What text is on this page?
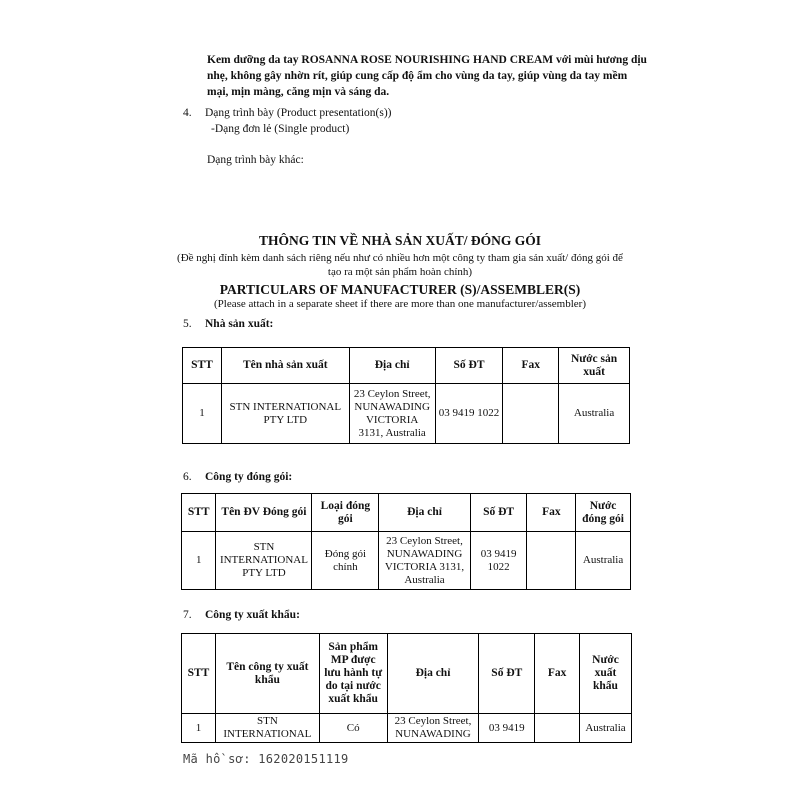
Kem dưỡng da tay ROSANNA ROSE NOURISHING HAND CREAM với mùi hương dịu nhẹ, không gây nhờn rít, giúp cung cấp độ ẩm cho vùng da tay, giúp vùng da tay mềm mại, mịn màng, căng mịn và sáng da.

4. Dạng trình bày (Product presentation(s))
-Dạng đơn lẻ (Single product)
Dạng trình bày khác:
THÔNG TIN VỀ NHÀ SẢN XUẤT/ ĐÓNG GÓI
(Đề nghị đính kèm danh sách riêng nếu như có nhiều hơn một công ty tham gia sản xuất/ đóng gói để tạo ra một sản phẩm hoàn chỉnh)
PARTICULARS OF MANUFACTURER (S)/ASSEMBLER(S)
(Please attach in a separate sheet if there are more than one manufacturer/assembler)
5. Nhà sản xuất:
STT	Tên nhà sản xuất	Địa chỉ	Số ĐT	Fax	Nước sản xuất
1	STN INTERNATIONAL PTY LTD	23 Ceylon Street, NUNAWADING VICTORIA 3131, Australia	03 9419 1022		Australia
6. Công ty đóng gói:
STT	Tên ĐV Đóng gói	Loại đóng gói	Địa chỉ	Số ĐT	Fax	Nước đóng gói
1	STN INTERNATIONAL PTY LTD	Đóng gói chính	23 Ceylon Street, NUNAWADING VICTORIA 3131, Australia	03 9419 1022		Australia
7. Công ty xuất khẩu:
STT	Tên công ty xuất khẩu	Sản phẩm MP được lưu hành tự do tại nước xuất khẩu	Địa chỉ	Số ĐT	Fax	Nước xuất khẩu
1	STN INTERNATIONAL	Có	23 Ceylon Street, NUNAWADING	03 9419		Australia
Mã hồ sơ: 162020151119
